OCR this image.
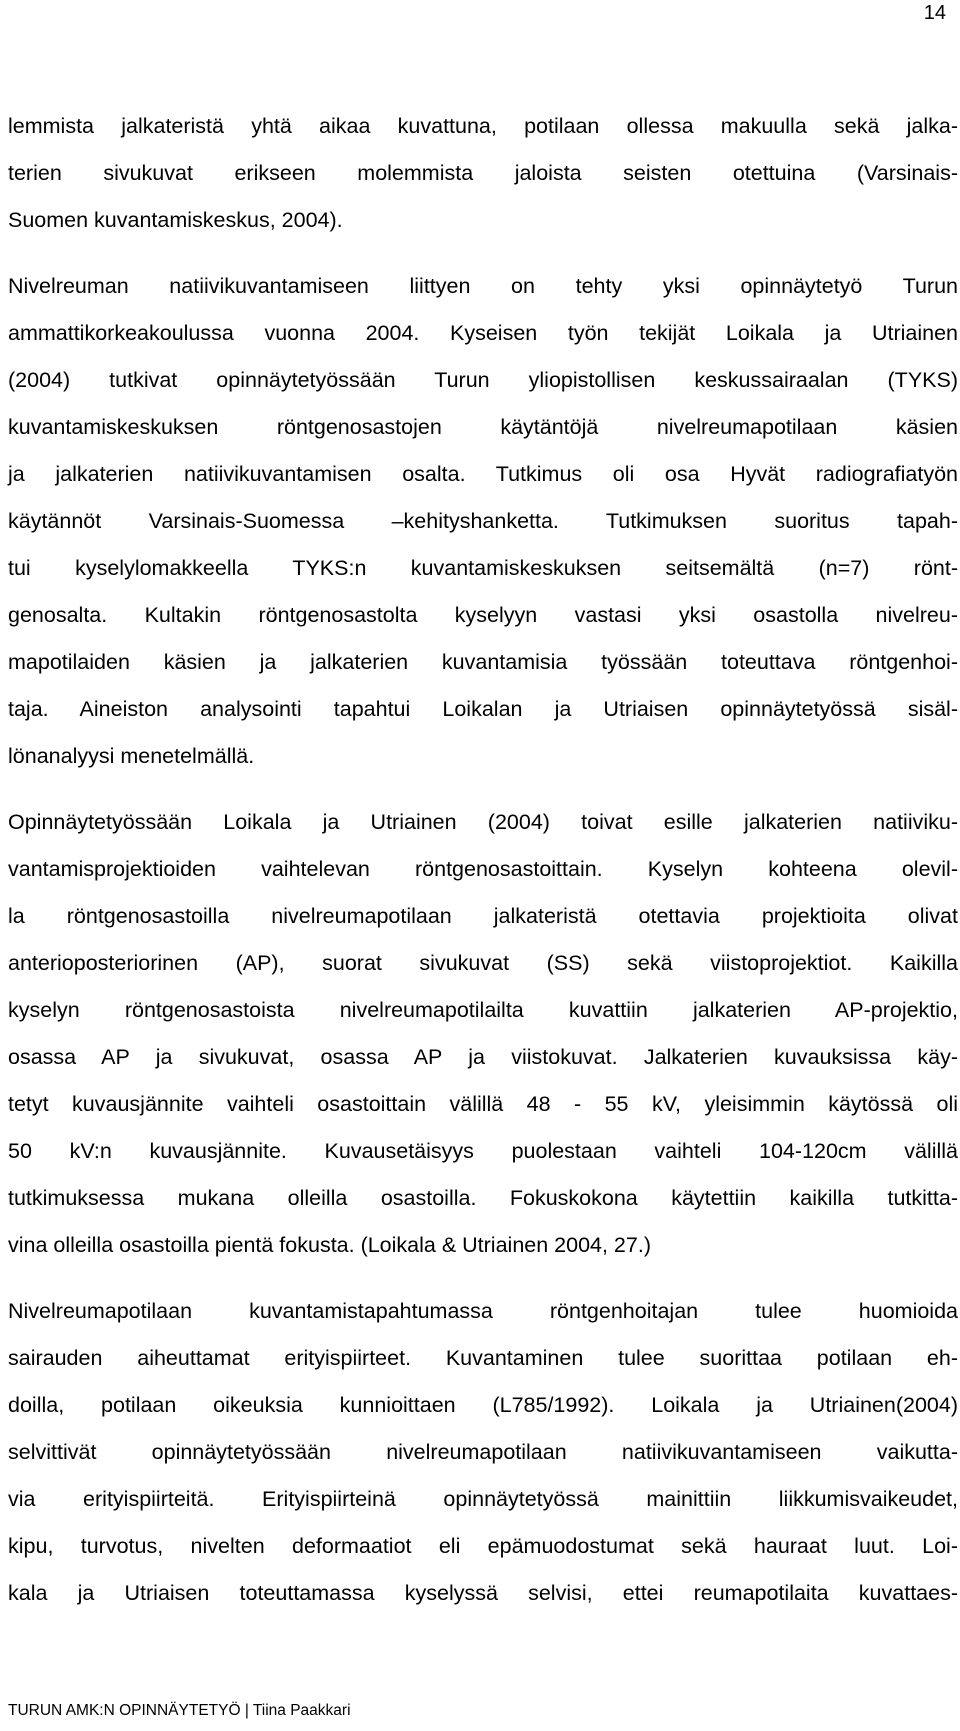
14
lemmista jalkateristä yhtä aikaa kuvattuna, potilaan ollessa makuulla sekä jalka-
terien sivukuvat erikseen molemmista jaloista seisten otettuina (Varsinais-
Suomen kuvantamiskeskus, 2004).
Nivelreuman natiivikuvantamiseen liittyen on tehty yksi opinnäytetyö Turun
ammattikorkeakoulussa vuonna 2004. Kyseisen työn tekijät Loikala ja Utriainen
(2004) tutkivat opinnäytetyössään Turun yliopistollisen keskussairaalan (TYKS)
kuvantamiskeskuksen röntgenosastojen käytäntöjä nivelreumapotilaan käsien
ja jalkaterien natiivikuvantamisen osalta. Tutkimus oli osa Hyvät radiografiatyön
käytännöt Varsinais-Suomessa –kehityshanketta. Tutkimuksen suoritus tapah-
tui kyselylomakkeella TYKS:n kuvantamiskeskuksen seitsemältä (n=7) rönt-
genosalta. Kultakin röntgenosastolta kyselyyn vastasi yksi osastolla nivelreu-
mapotilaiden käsien ja jalkaterien kuvantamisia työssään toteuttava röntgenhoi-
taja. Aineiston analysointi tapahtui Loikalan ja Utriaisen opinnäytetyössä sisäl-
lönanalyysi menetelmällä.
Opinnäytetyössään Loikala ja Utriainen (2004) toivat esille jalkaterien natiiviku-
vantamisprojektioiden vaihtelevan röntgenosastoittain. Kyselyn kohteena olevil-
la röntgenosastoilla nivelreumapotilaan jalkateristä otettavia projektioita olivat
anterioposteriorinen (AP), suorat sivukuvat (SS) sekä viistoprojektiot. Kaikilla
kyselyn röntgenosastoista nivelreumapotilailta kuvattiin jalkaterien AP-projektio,
osassa AP ja sivukuvat, osassa AP ja viistokuvat. Jalkaterien kuvauksissa käy-
tetyt kuvausjännite vaihteli osastoittain välillä 48 - 55 kV, yleisimmin käytössä oli
50 kV:n kuvausjännite. Kuvausetäisyys puolestaan vaihteli 104-120cm välillä
tutkimuksessa mukana olleilla osastoilla. Fokuskokona käytettiin kaikilla tutkitta-
vina olleilla osastoilla pientä fokusta. (Loikala & Utriainen 2004, 27.)
Nivelreumapotilaan kuvantamistapahtumassa röntgenhoitajan tulee huomioida
sairauden aiheuttamat erityispiirteet. Kuvantaminen tulee suorittaa potilaan eh-
doilla, potilaan oikeuksia kunnioittaen (L785/1992). Loikala ja Utriainen(2004)
selvittivät opinnäytetyössään nivelreumapotilaan natiivikuvantamiseen vaikutta-
via erityispiirteitä. Erityispiirteinä opinnäytetyössä mainittiin liikkumisvaikeudet,
kipu, turvotus, nivelten deformaatiot eli epämuodostumat sekä hauraat luut. Loi-
kala ja Utriaisen toteuttamassa kyselyssä selvisi, ettei reumapotilaita kuvattaes-
TURUN AMK:N OPINNÄYTETYÖ | Tiina Paakkari
